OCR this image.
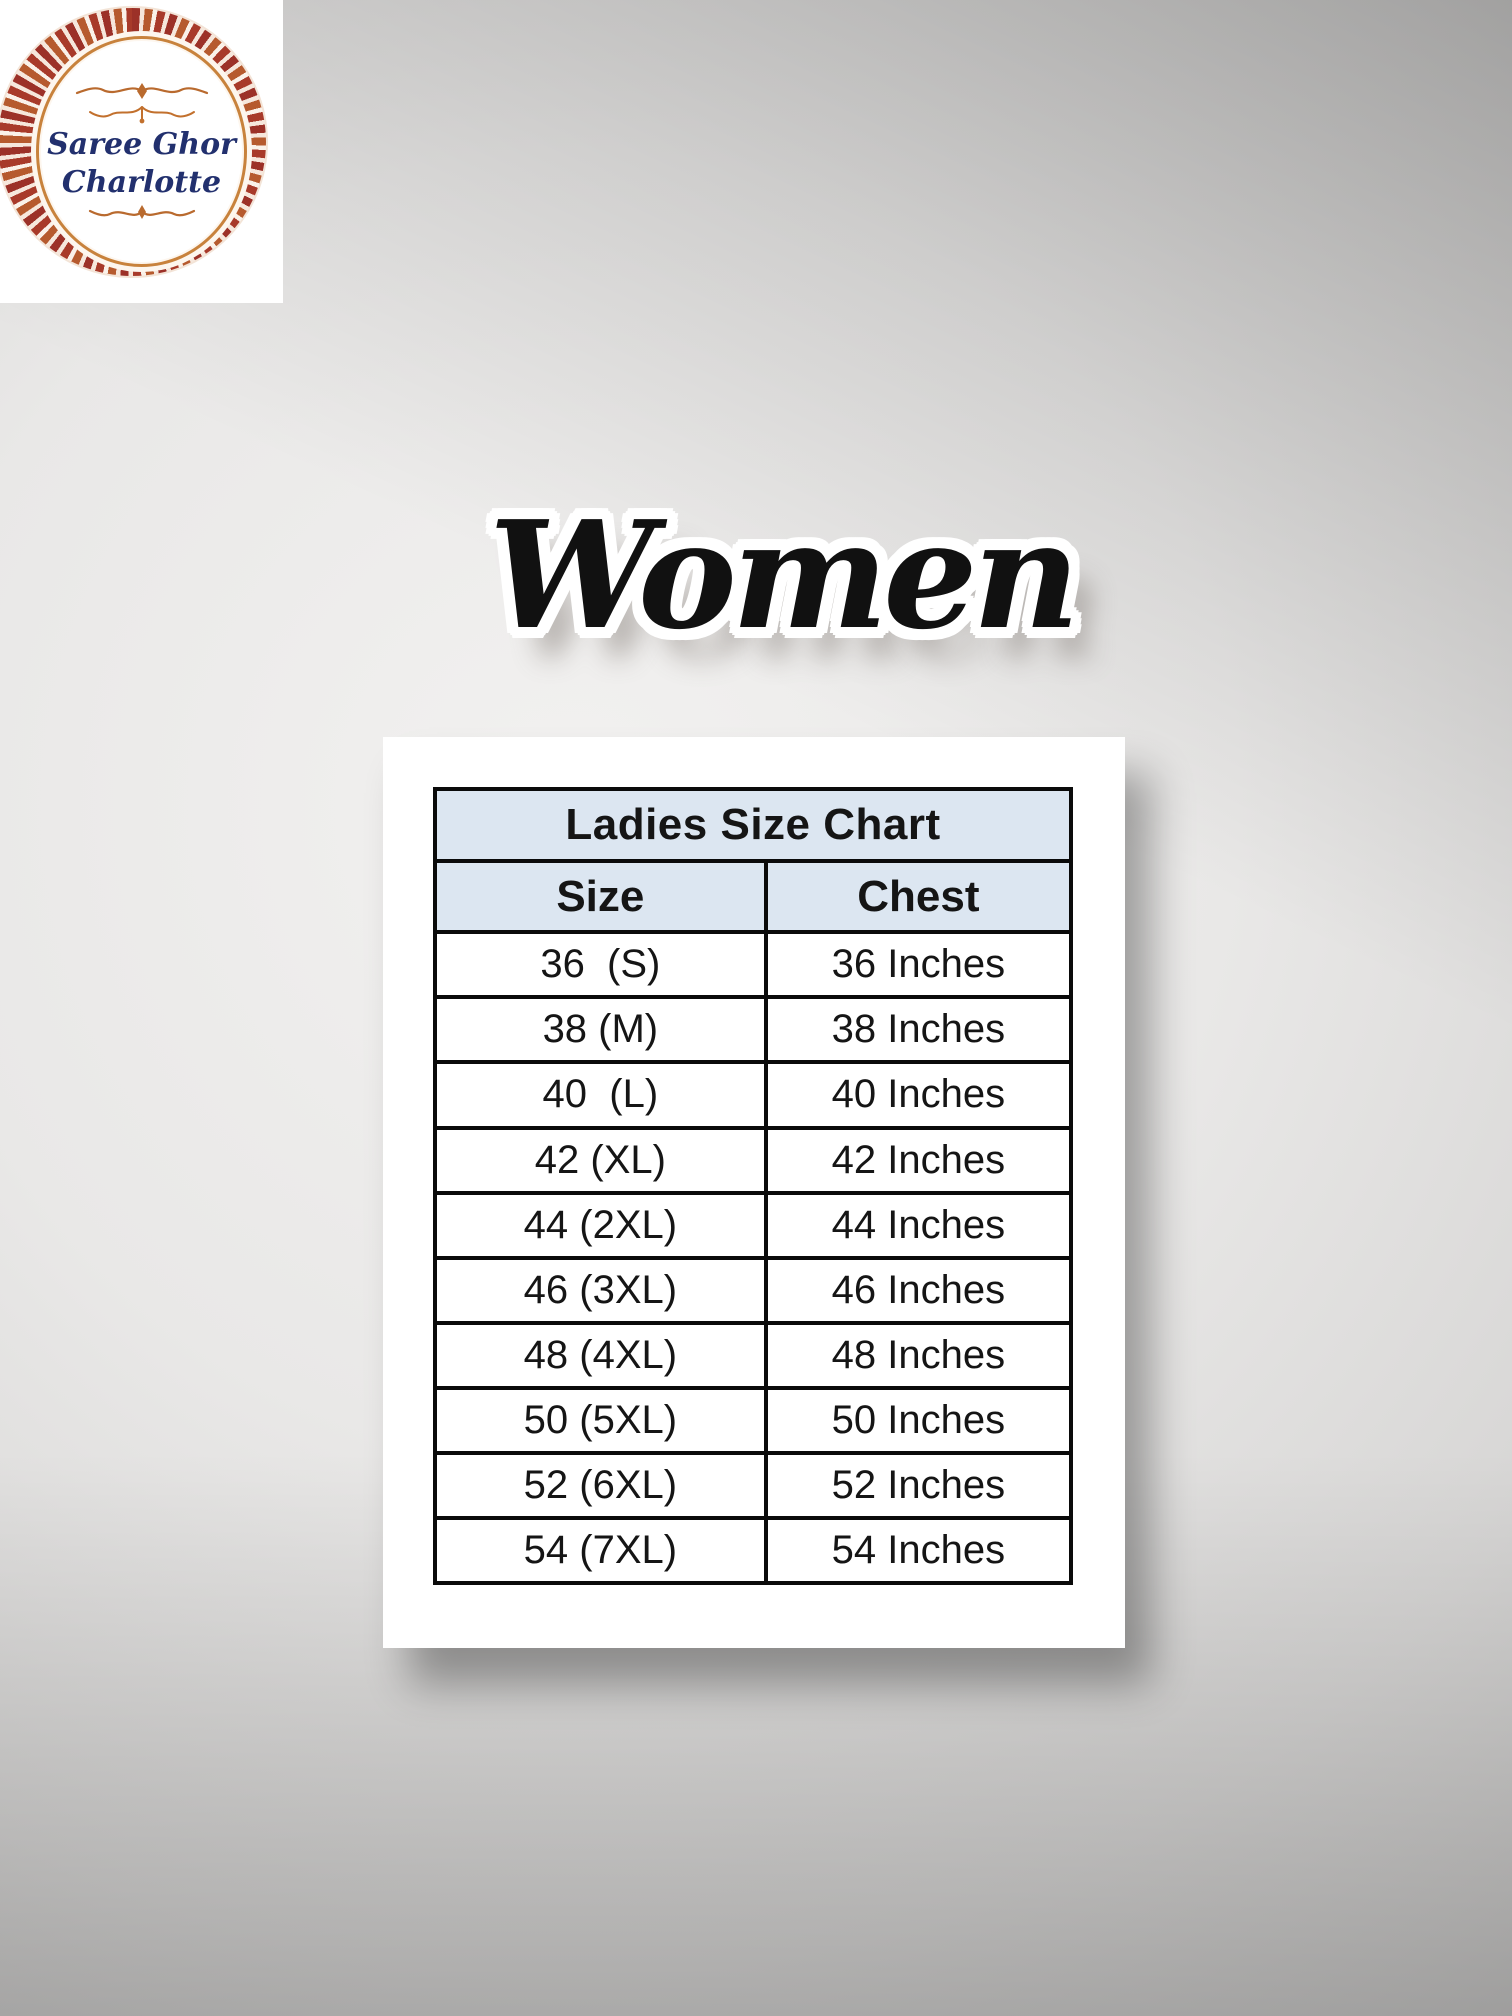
Saree Ghor
Charlotte
Women
Ladies Size Chart	
Size	Chest
36  (S)	36 Inches
38 (M)	38 Inches
40  (L)	40 Inches
42 (XL)	42 Inches
44 (2XL)	44 Inches
46 (3XL)	46 Inches
48 (4XL)	48 Inches
50 (5XL)	50 Inches
52 (6XL)	52 Inches
54 (7XL)	54 Inches
